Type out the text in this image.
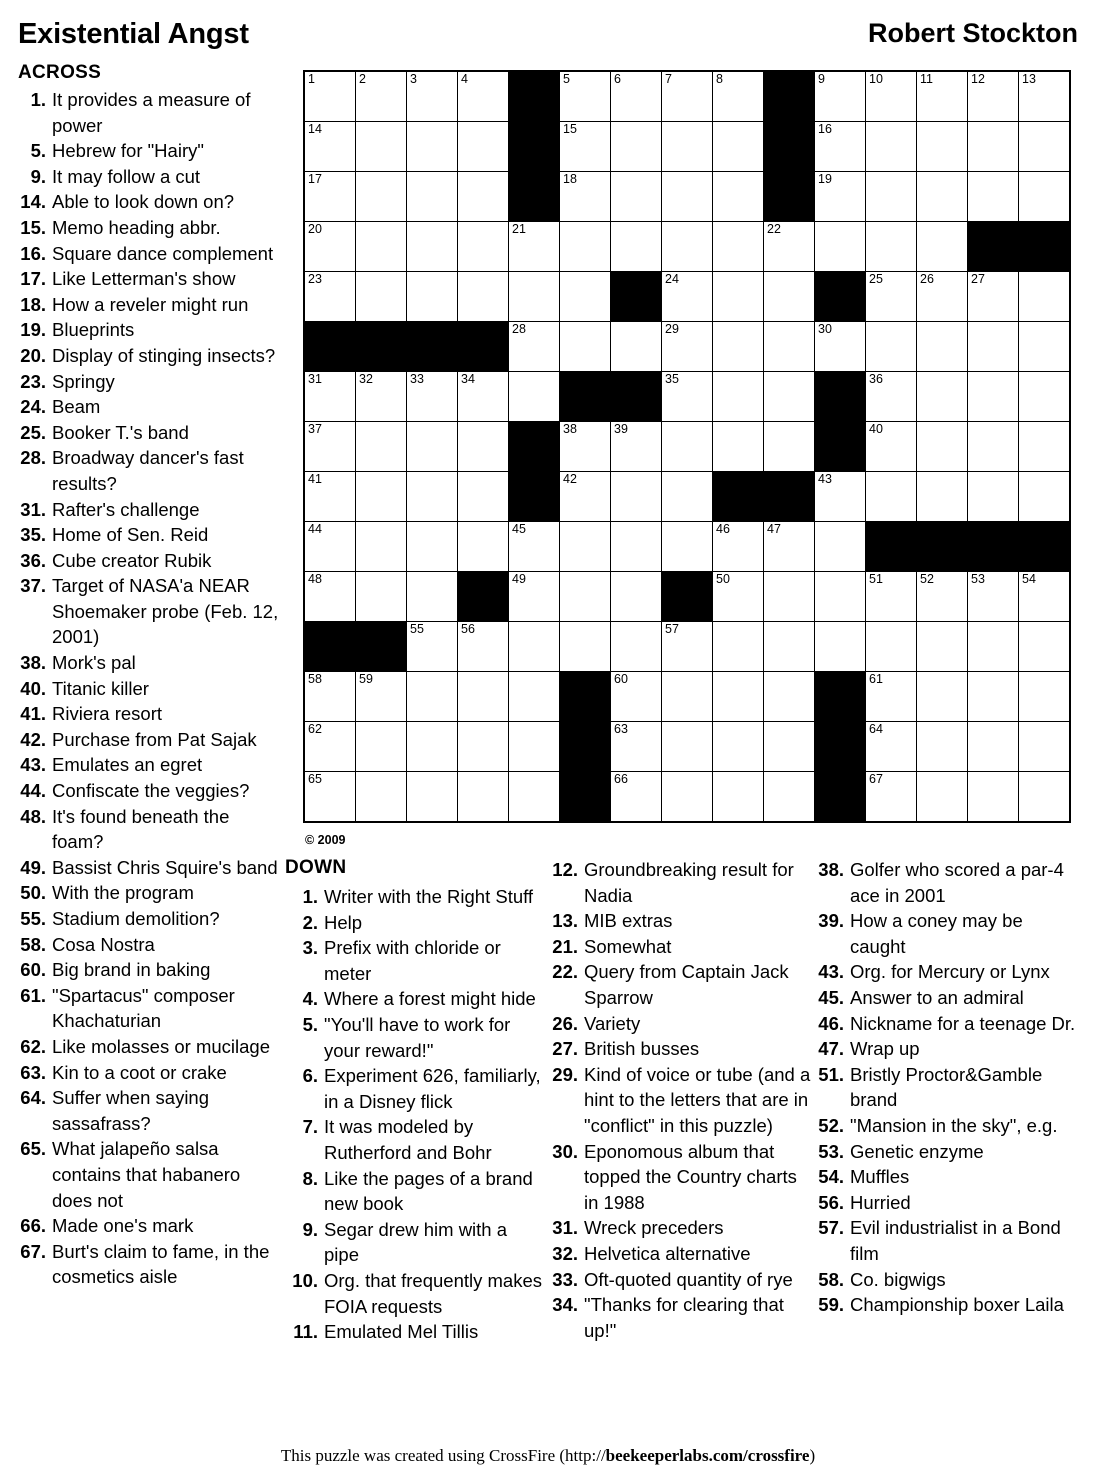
Existential Angst	Robert Stockton
ACROSS
1. It provides a measure of power
5. Hebrew for "Hairy"
9. It may follow a cut
14. Able to look down on?
15. Memo heading abbr.
16. Square dance complement
17. Like Letterman's show
18. How a reveler might run
19. Blueprints
20. Display of stinging insects?
23. Springy
24. Beam
25. Booker T.'s band
28. Broadway dancer's fast results?
31. Rafter's challenge
35. Home of Sen. Reid
36. Cube creator Rubik
37. Target of NASA'a NEAR Shoemaker probe (Feb. 12, 2001)
38. Mork's pal
40. Titanic killer
41. Riviera resort
42. Purchase from Pat Sajak
43. Emulates an egret
44. Confiscate the veggies?
48. It's found beneath the foam?
49. Bassist Chris Squire's band
50. With the program
55. Stadium demolition?
58. Cosa Nostra
60. Big brand in baking
61. "Spartacus" composer Khachaturian
62. Like molasses or mucilage
63. Kin to a coot or crake
64. Suffer when saying sassafrass?
65. What jalapeño salsa contains that habanero does not
66. Made one's mark
67. Burt's claim to fame, in the cosmetics aisle
1	2	3	4		5	6	7	8		9	10	11	12	13

14					15					16				

17					18					19				

20				21					22					

23							24				25	26	27	

				28			29			30				

31	32	33	34				35				36			

37					38	39					40			

41					42					43				

44				45				46	47					

48				49				50			51	52	53	54

		55	56				57							

58	59					60					61			

62						63					64			

65						66					67			

© 2009
DOWN
1. Writer with the Right Stuff
2. Help
3. Prefix with chloride or meter
4. Where a forest might hide
5. "You'll have to work for your reward!"
6. Experiment 626, familiarly, in a Disney flick
7. It was modeled by Rutherford and Bohr
8. Like the pages of a brand new book
9. Segar drew him with a pipe
10. Org. that frequently makes FOIA requests
11. Emulated Mel Tillis
12. Groundbreaking result for Nadia
13. MIB extras
21. Somewhat
22. Query from Captain Jack Sparrow
26. Variety
27. British busses
29. Kind of voice or tube (and a hint to the letters that are in "conflict" in this puzzle)
30. Eponomous album that topped the Country charts in 1988
31. Wreck preceders
32. Helvetica alternative
33. Oft-quoted quantity of rye
34. "Thanks for clearing that up!"
38. Golfer who scored a par-4 ace in 2001
39. How a coney may be caught
43. Org. for Mercury or Lynx
45. Answer to an admiral
46. Nickname for a teenage Dr.
47. Wrap up
51. Bristly Proctor&Gamble brand
52. "Mansion in the sky", e.g.
53. Genetic enzyme
54. Muffles
56. Hurried
57. Evil industrialist in a Bond film
58. Co. bigwigs
59. Championship boxer Laila
This puzzle was created using CrossFire (http://beekeeperlabs.com/crossfire)
